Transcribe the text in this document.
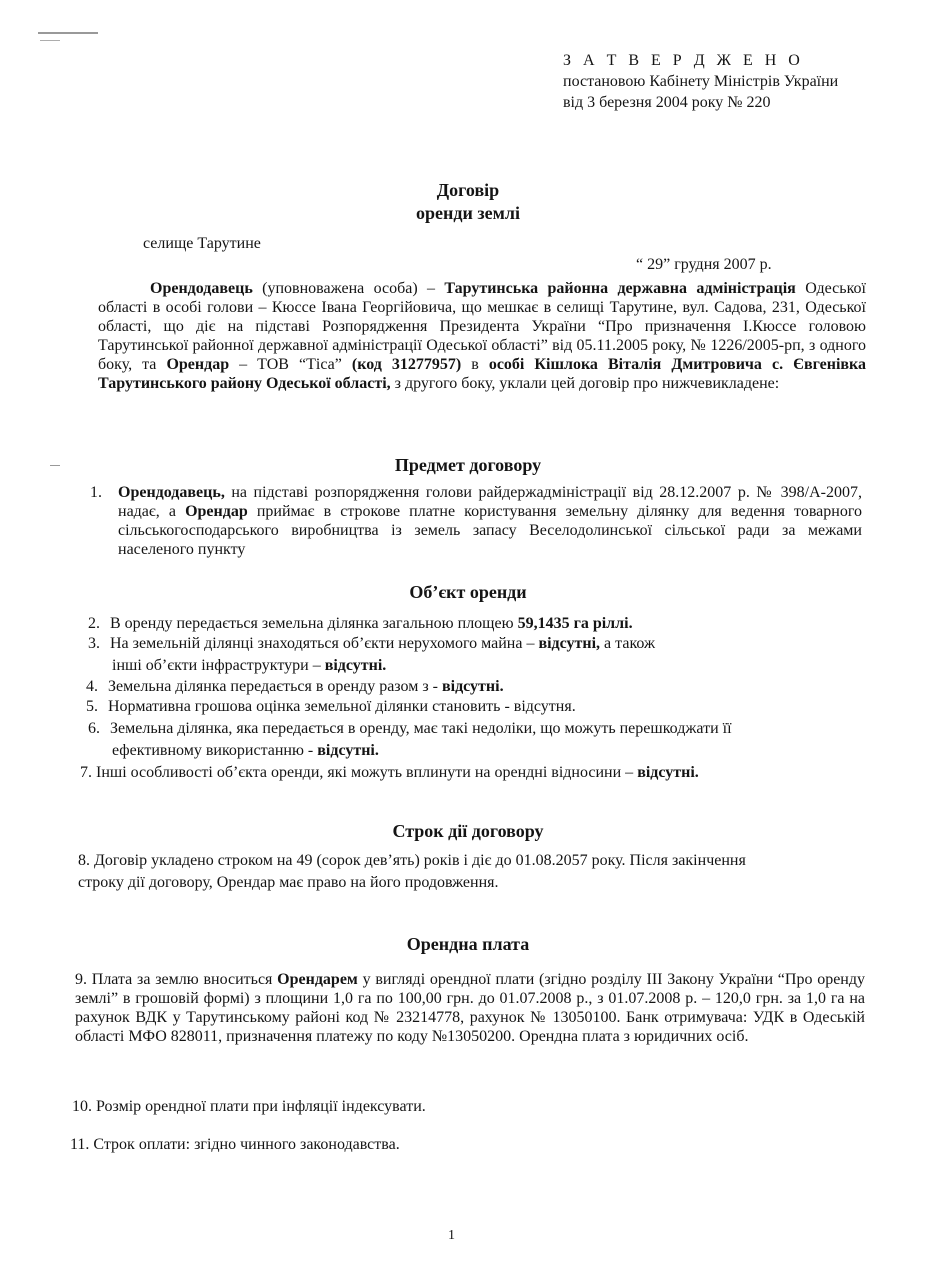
З А Т В Е Р Д Ж Е Н О
постановою Кабінету Міністрів України
від 3 березня 2004 року № 220
Договір
оренди землі
селище Тарутине
“ 29” грудня 2007 р.
Орендодавець (уповноважена особа) – Тарутинська районна державна адміністрація Одеської області в особі голови – Кюссе Івана Георгійовича, що мешкає в селищі Тарутине, вул. Садова, 231, Одеської області, що діє на підставі Розпорядження Президента України “Про призначення І.Кюссе головою Тарутинської районної державної адміністрації Одеської області” від 05.11.2005 року, № 1226/2005-рп, з одного боку, та Орендар – ТОВ “Тіса” (код 31277957) в особі Кішлока Віталія Дмитровича с. Євгенівка Тарутинського району Одеської області, з другого боку, уклали цей договір про нижчевикладене:
Предмет договору
1.	Орендодавець, на підставі розпорядження голови райдержадміністрації від 28.12.2007 р. № 398/А-2007, надає, а Орендар приймає в строкове платне користування земельну ділянку для ведення товарного сільськогосподарського виробництва із земель запасу Веселодолинської сільської ради за межами населеного пункту
Об’єкт оренди
2. В оренду передається земельна ділянка загальною площею 59,1435 га ріллі.
3. На земельній ділянці знаходяться об’єкти нерухомого майна – відсутні, а також
інші об’єкти інфраструктури – відсутні.
4. Земельна ділянка передається в оренду разом з - відсутні.
5. Нормативна грошова оцінка земельної ділянки становить - відсутня.
6. Земельна ділянка, яка передається в оренду, має такі недоліки, що можуть перешкоджати її
ефективному використанню - відсутні.
7. Інші особливості об’єкта оренди, які можуть вплинути на орендні відносини – відсутні.
Строк дії договору
8. Договір укладено строком на 49 (сорок дев’ять) років і діє до 01.08.2057 року. Після закінчення
строку дії договору, Орендар має право на його продовження.
Орендна плата
9. Плата за землю вноситься Орендарем у вигляді орендної плати (згідно розділу ІІІ Закону України “Про оренду землі” в грошовій формі) з площини 1,0 га по 100,00 грн. до 01.07.2008 р., з 01.07.2008 р. – 120,0 грн. за 1,0 га на рахунок ВДК у Тарутинському районі код № 23214778, рахунок № 13050100. Банк отримувача: УДК в Одеській області МФО 828011, призначення платежу по коду №13050200. Орендна плата з юридичних осіб.
10. Розмір орендної плати при інфляції індексувати.
11. Строк оплати: згідно чинного законодавства.
1
